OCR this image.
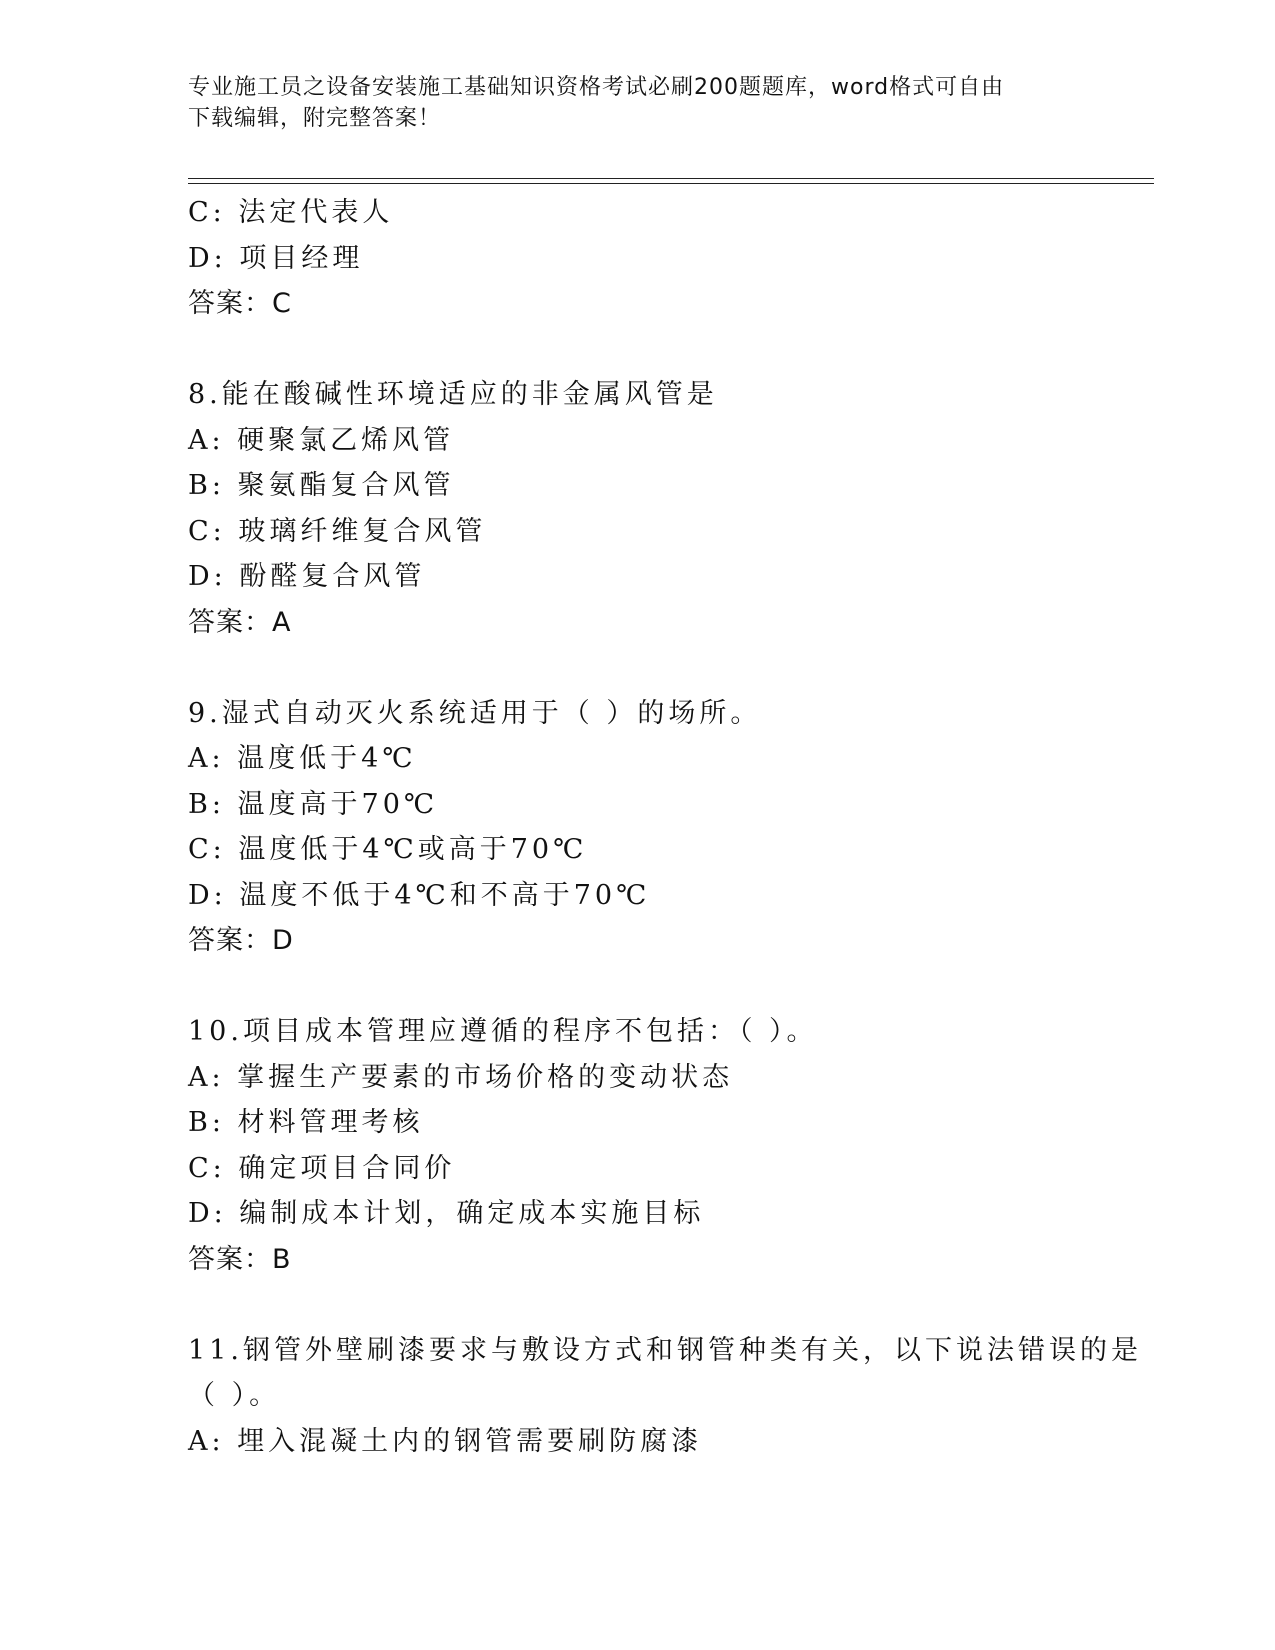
专业施工员之设备安装施工基础知识资格考试必刷200题题库，word格式可自由
下载编辑，附完整答案！
C: 法定代表人
D: 项目经理
答案：C
8.能在酸碱性环境适应的非金属风管是
A: 硬聚氯乙烯风管
B: 聚氨酯复合风管
C: 玻璃纤维复合风管
D: 酚醛复合风管
答案：A
9.湿式自动灭火系统适用于（ ）的场所。
A: 温度低于4℃
B: 温度高于70℃
C: 温度低于4℃或高于70℃
D: 温度不低于4℃和不高于70℃
答案：D
10.项目成本管理应遵循的程序不包括：（ ）。
A: 掌握生产要素的市场价格的变动状态
B: 材料管理考核
C: 确定项目合同价
D: 编制成本计划，确定成本实施目标
答案：B
11.钢管外壁刷漆要求与敷设方式和钢管种类有关，以下说法错误的是
（ ）。
A: 埋入混凝土内的钢管需要刷防腐漆
